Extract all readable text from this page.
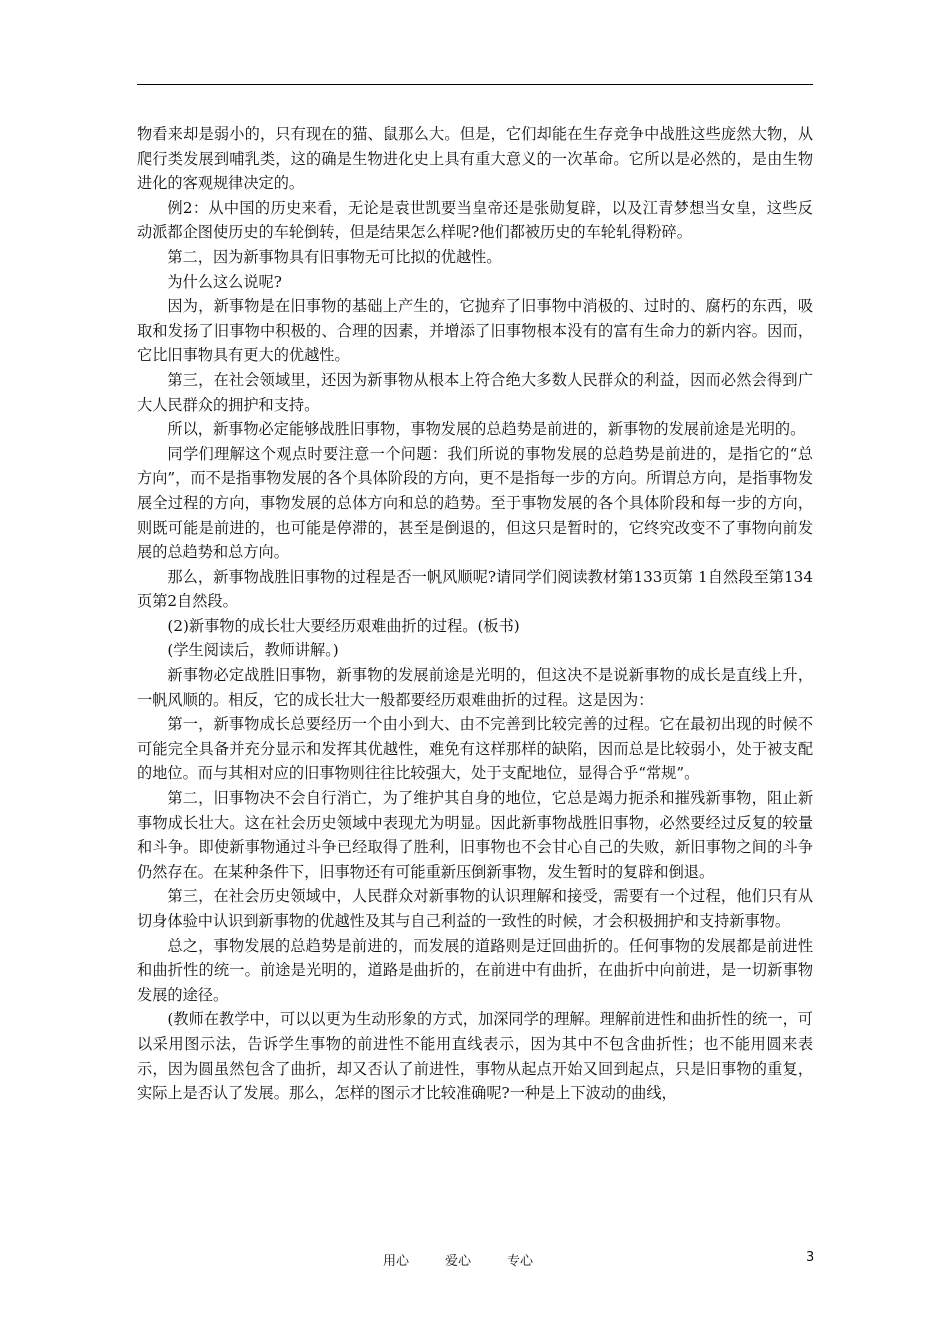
物看来却是弱小的，只有现在的猫、鼠那么大。但是，它们却能在生存竞争中战胜这些庞然大物，从爬行类发展到哺乳类，这的确是生物进化史上具有重大意义的一次革命。它所以是必然的，是由生物进化的客观规律决定的。

例2：从中国的历史来看，无论是袁世凯要当皇帝还是张勋复辟，以及江青梦想当女皇，这些反动派都企图使历史的车轮倒转，但是结果怎么样呢?他们都被历史的车轮轧得粉碎。

第二，因为新事物具有旧事物无可比拟的优越性。

为什么这么说呢?

因为，新事物是在旧事物的基础上产生的，它抛弃了旧事物中消极的、过时的、腐朽的东西，吸取和发扬了旧事物中积极的、合理的因素，并增添了旧事物根本没有的富有生命力的新内容。因而，它比旧事物具有更大的优越性。

第三，在社会领域里，还因为新事物从根本上符合绝大多数人民群众的利益，因而必然会得到广大人民群众的拥护和支持。

所以，新事物必定能够战胜旧事物，事物发展的总趋势是前进的，新事物的发展前途是光明的。

同学们理解这个观点时要注意一个问题：我们所说的事物发展的总趋势是前进的，是指它的“总方向”，而不是指事物发展的各个具体阶段的方向，更不是指每一步的方向。所谓总方向，是指事物发展全过程的方向，事物发展的总体方向和总的趋势。至于事物发展的各个具体阶段和每一步的方向，则既可能是前进的，也可能是停滞的，甚至是倒退的，但这只是暂时的，它终究改变不了事物向前发展的总趋势和总方向。

那么，新事物战胜旧事物的过程是否一帆风顺呢?请同学们阅读教材第133页第 1自然段至第134页第2自然段。

(2)新事物的成长壮大要经历艰难曲折的过程。(板书)

(学生阅读后，教师讲解。)

新事物必定战胜旧事物，新事物的发展前途是光明的，但这决不是说新事物的成长是直线上升，一帆风顺的。相反，它的成长壮大一般都要经历艰难曲折的过程。这是因为：

第一，新事物成长总要经历一个由小到大、由不完善到比较完善的过程。它在最初出现的时候不可能完全具备并充分显示和发挥其优越性，难免有这样那样的缺陷，因而总是比较弱小，处于被支配的地位。而与其相对应的旧事物则往往比较强大，处于支配地位，显得合乎“常规”。

第二，旧事物决不会自行消亡，为了维护其自身的地位，它总是竭力扼杀和摧残新事物，阻止新事物成长壮大。这在社会历史领域中表现尤为明显。因此新事物战胜旧事物，必然要经过反复的较量和斗争。即使新事物通过斗争已经取得了胜利，旧事物也不会甘心自己的失败，新旧事物之间的斗争仍然存在。在某种条件下，旧事物还有可能重新压倒新事物，发生暂时的复辟和倒退。

第三，在社会历史领域中，人民群众对新事物的认识理解和接受，需要有一个过程，他们只有从切身体验中认识到新事物的优越性及其与自己利益的一致性的时候，才会积极拥护和支持新事物。

总之，事物发展的总趋势是前进的，而发展的道路则是迂回曲折的。任何事物的发展都是前进性和曲折性的统一。前途是光明的，道路是曲折的，在前进中有曲折，在曲折中向前进，是一切新事物发展的途径。

(教师在教学中，可以以更为生动形象的方式，加深同学的理解。理解前进性和曲折性的统一，可以采用图示法，告诉学生事物的前进性不能用直线表示，因为其中不包含曲折性；也不能用圆来表示，因为圆虽然包含了曲折，却又否认了前进性，事物从起点开始又回到起点，只是旧事物的重复，实际上是否认了发展。那么，怎样的图示才比较准确呢?一种是上下波动的曲线，

用心	爱心	专心	3
